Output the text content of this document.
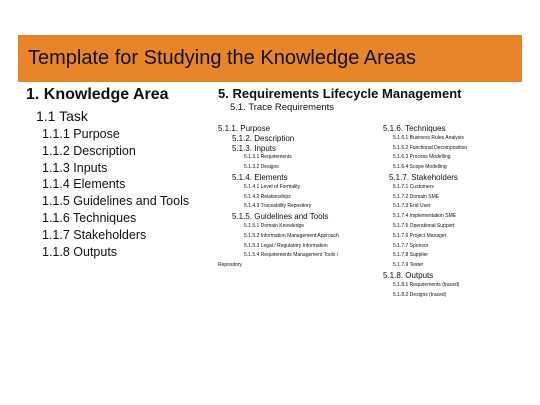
Template for Studying the Knowledge Areas
1. Knowledge Area
1.1 Task
1.1.1 Purpose
1.1.2 Description
1.1.3 Inputs
1.1.4 Elements
1.1.5 Guidelines and Tools
1.1.6 Techniques
1.1.7 Stakeholders
1.1.8 Outputs
5. Requirements Lifecycle Management
5.1. Trace Requirements
5.1.1. Purpose
5.1.2. Description
5.1.3. Inputs
5.1.3.1 Requirements
5.1.3.2 Designs
5.1.4. Elements
5.1.4.1 Level of Formality
5.1.4.2 Relationships
5.1.4.3 Traceability Repository
5.1.5. Guidelines and Tools
5.1.5.1 Domain Knowledge
5.1.5.2 Information Management Approach
5.1.5.3 Legal / Regulatory Information
5.1.5.4 Requirements Management Tools /
Repository
5.1.6. Techniques
5.1.6.1 Business Rules Analysis
5.1.6.2 Functional Decomposition
5.1.6.3 Process Modelling
5.1.6.4 Scope Modelling
5.1.7. Stakeholders
5.1.7.1 Customers
5.1.7.2 Domain SME
5.1.7.3 End User
5.1.7.4 Implementation SME
5.1.7.5 Operational Support
5.1.7.6 Project Manager
5.1.7.7 Sponsor
5.1.7.8 Supplier
5.1.7.9 Tester
5.1.8. Outputs
5.1.8.1 Requirements (traced)
5.1.8.2 Designs (traced)
